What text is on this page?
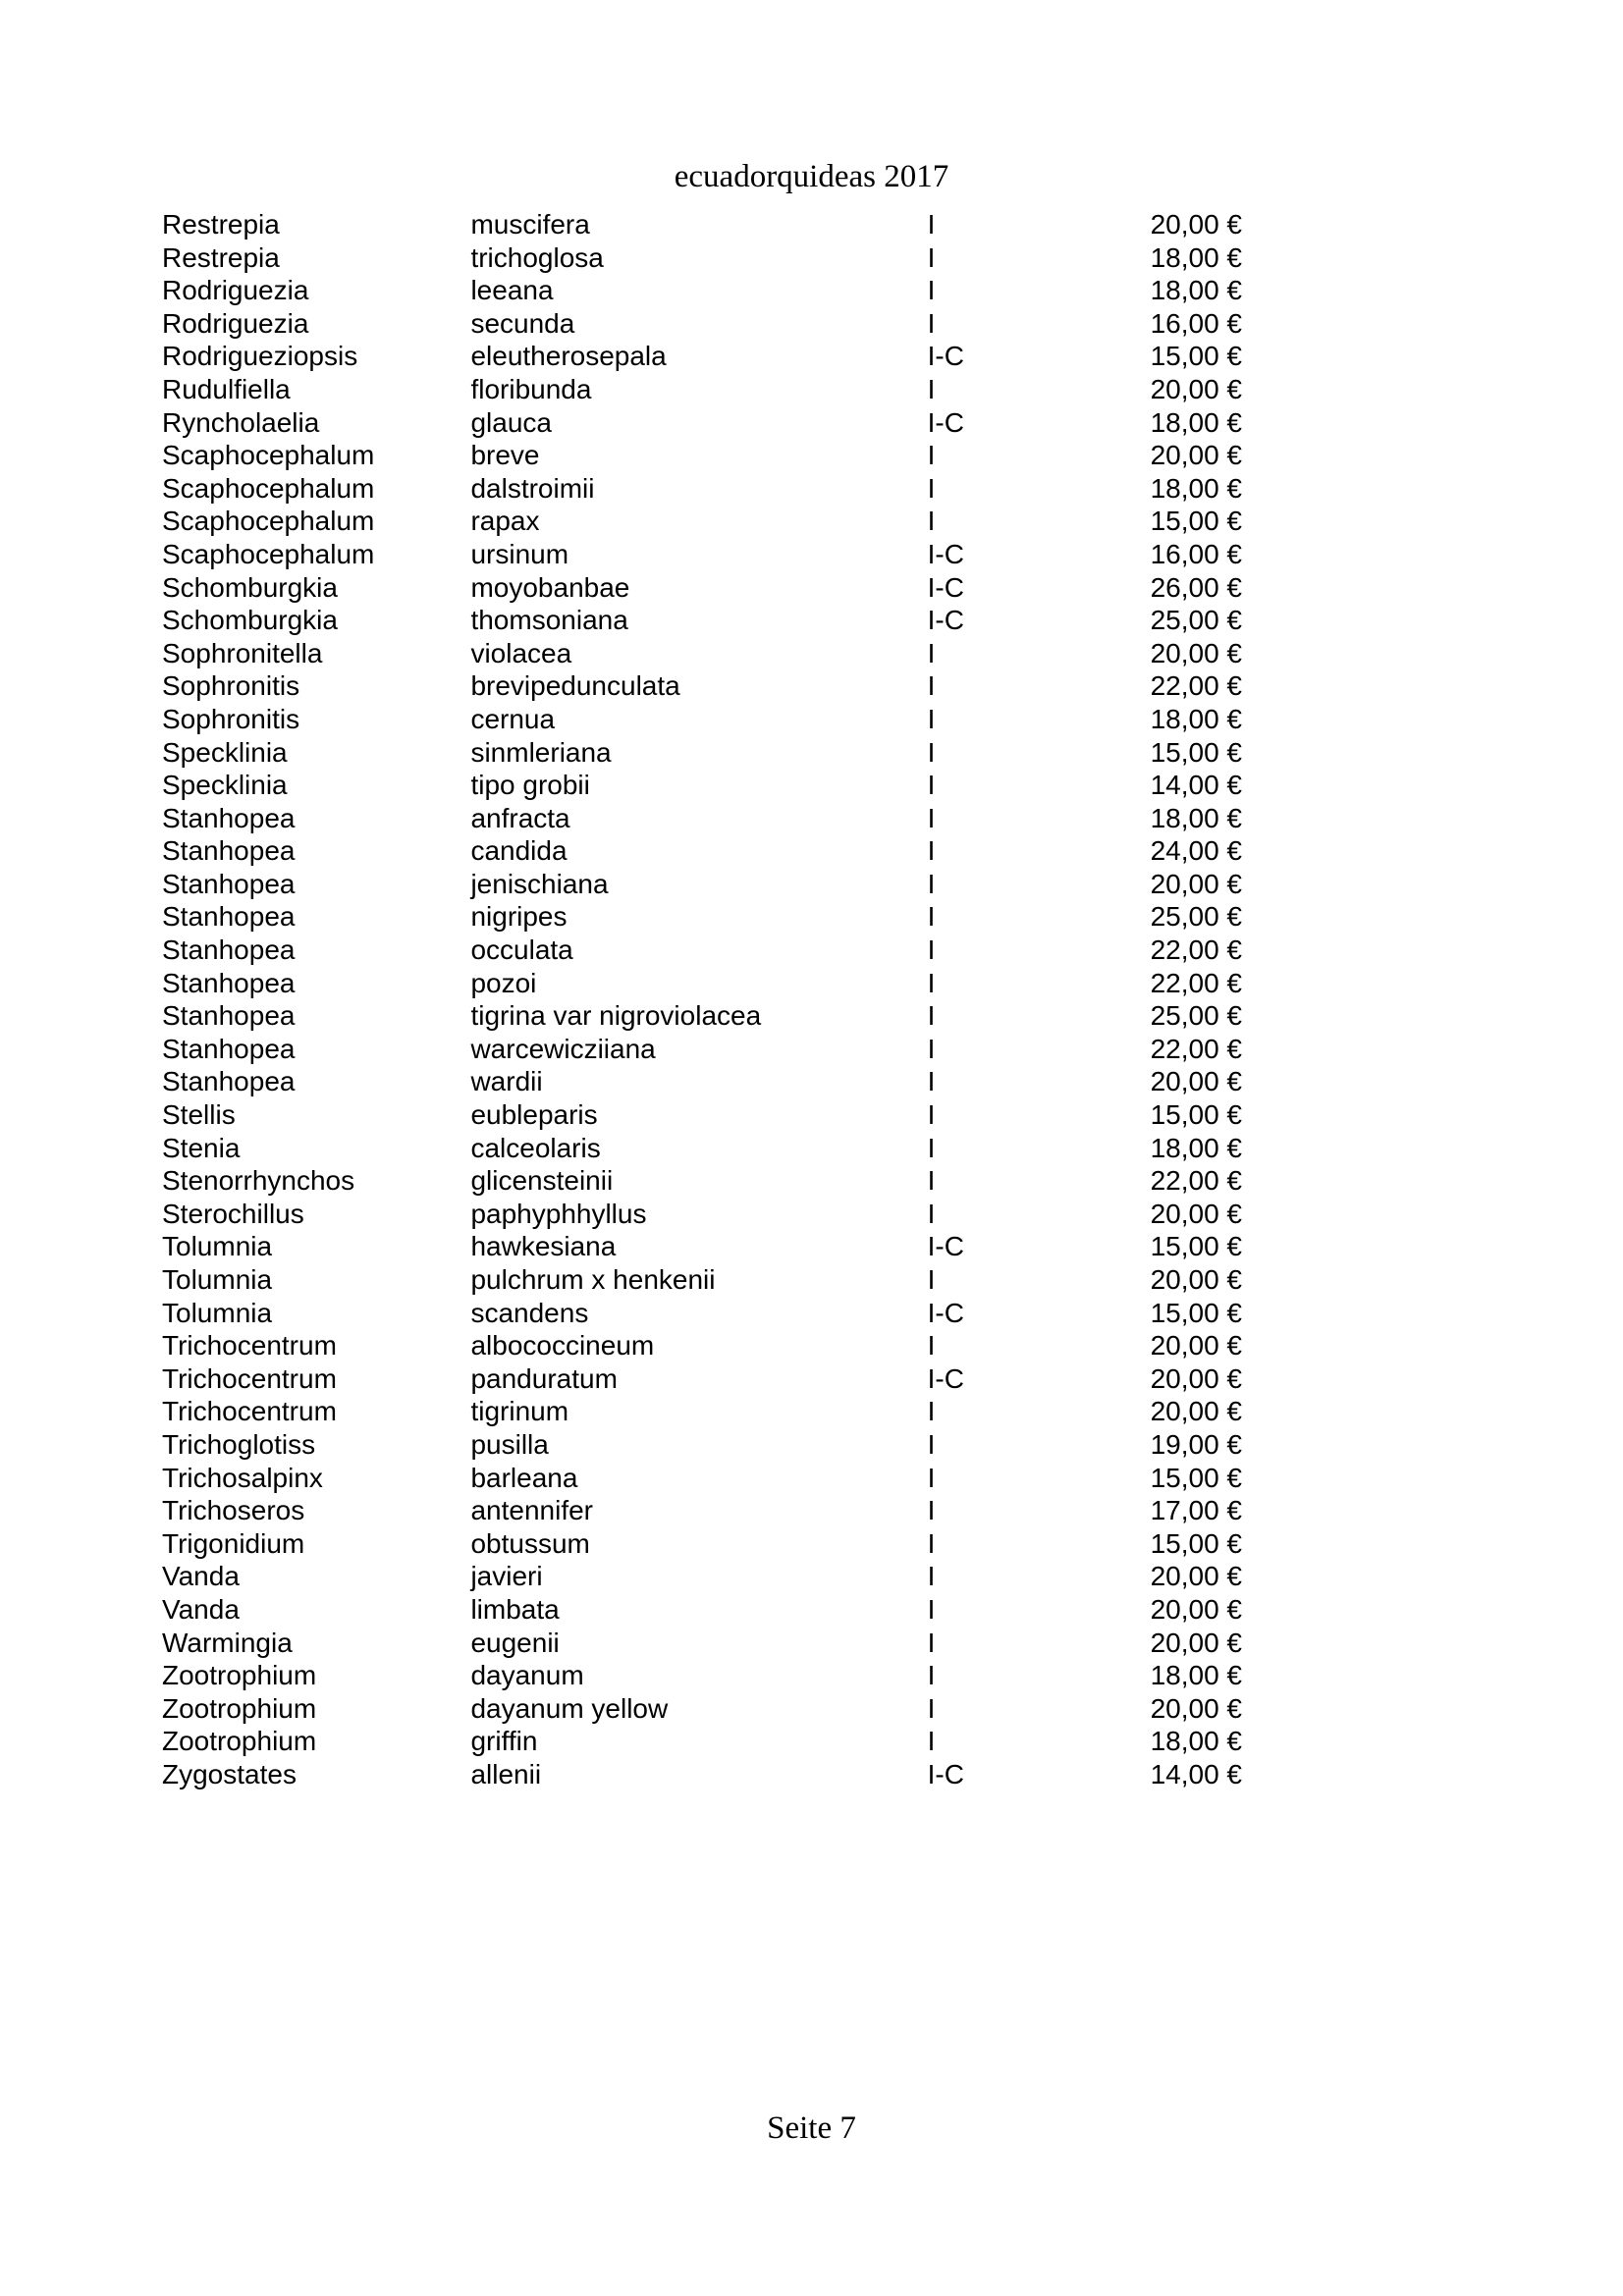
ecuadorquideas 2017
Restrepia	muscifera	I	20,00 €
Restrepia	trichoglosa	I	18,00 €
Rodriguezia	leeana	I	18,00 €
Rodriguezia	secunda	I	16,00 €
Rodrigueziopsis	eleutherosepala	I-C	15,00 €
Rudulfiella	floribunda	I	20,00 €
Ryncholaelia	glauca	I-C	18,00 €
Scaphocephalum	breve	I	20,00 €
Scaphocephalum	dalstroimii	I	18,00 €
Scaphocephalum	rapax	I	15,00 €
Scaphocephalum	ursinum	I-C	16,00 €
Schomburgkia	moyobanbae	I-C	26,00 €
Schomburgkia	thomsoniana	I-C	25,00 €
Sophronitella	violacea	I	20,00 €
Sophronitis	brevipedunculata	I	22,00 €
Sophronitis	cernua	I	18,00 €
Specklinia	sinmleriana	I	15,00 €
Specklinia	tipo grobii	I	14,00 €
Stanhopea	anfracta	I	18,00 €
Stanhopea	candida	I	24,00 €
Stanhopea	jenischiana	I	20,00 €
Stanhopea	nigripes	I	25,00 €
Stanhopea	occulata	I	22,00 €
Stanhopea	pozoi	I	22,00 €
Stanhopea	tigrina var nigroviolacea	I	25,00 €
Stanhopea	warcewicziiana	I	22,00 €
Stanhopea	wardii	I	20,00 €
Stellis	eubleparis	I	15,00 €
Stenia	calceolaris	I	18,00 €
Stenorrhynchos	glicensteinii	I	22,00 €
Sterochillus	paphyphhyllus	I	20,00 €
Tolumnia	hawkesiana	I-C	15,00 €
Tolumnia	pulchrum x henkenii	I	20,00 €
Tolumnia	scandens	I-C	15,00 €
Trichocentrum	albococcineum	I	20,00 €
Trichocentrum	panduratum	I-C	20,00 €
Trichocentrum	tigrinum	I	20,00 €
Trichoglotiss	pusilla	I	19,00 €
Trichosalpinx	barleana	I	15,00 €
Trichoseros	antennifer	I	17,00 €
Trigonidium	obtussum	I	15,00 €
Vanda	javieri	I	20,00 €
Vanda	limbata	I	20,00 €
Warmingia	eugenii	I	20,00 €
Zootrophium	dayanum	I	18,00 €
Zootrophium	dayanum yellow	I	20,00 €
Zootrophium	griffin	I	18,00 €
Zygostates	allenii	I-C	14,00 €
Seite 7
